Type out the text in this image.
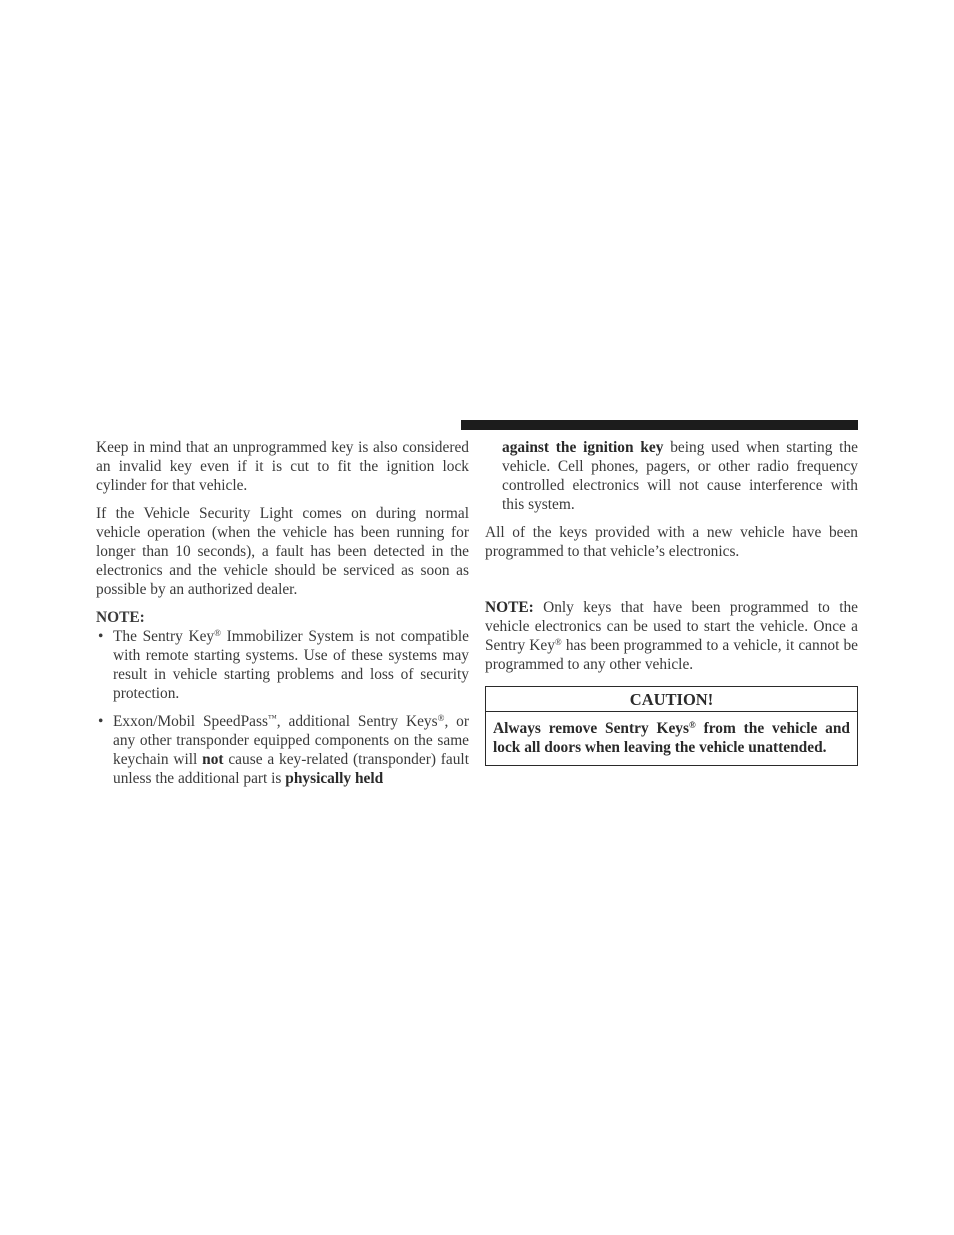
Keep in mind that an unprogrammed key is also considered an invalid key even if it is cut to fit the ignition lock cylinder for that vehicle.

If the Vehicle Security Light comes on during normal vehicle operation (when the vehicle has been running for longer than 10 seconds), a fault has been detected in the electronics and the vehicle should be serviced as soon as possible by an authorized dealer.

NOTE:

• The Sentry Key® Immobilizer System is not compatible with remote starting systems. Use of these systems may result in vehicle starting problems and loss of security protection.
• Exxon/Mobil SpeedPass™, additional Sentry Keys®, or any other transponder equipped components on the same keychain will not cause a key-related (transponder) fault unless the additional part is physically held
against the ignition key being used when starting the vehicle. Cell phones, pagers, or other radio frequency controlled electronics will not cause interference with this system.

All of the keys provided with a new vehicle have been programmed to that vehicle’s electronics.

NOTE: Only keys that have been programmed to the vehicle electronics can be used to start the vehicle. Once a Sentry Key® has been programmed to a vehicle, it cannot be programmed to any other vehicle.

CAUTION!
Always remove Sentry Keys® from the vehicle and lock all doors when leaving the vehicle unattended.
